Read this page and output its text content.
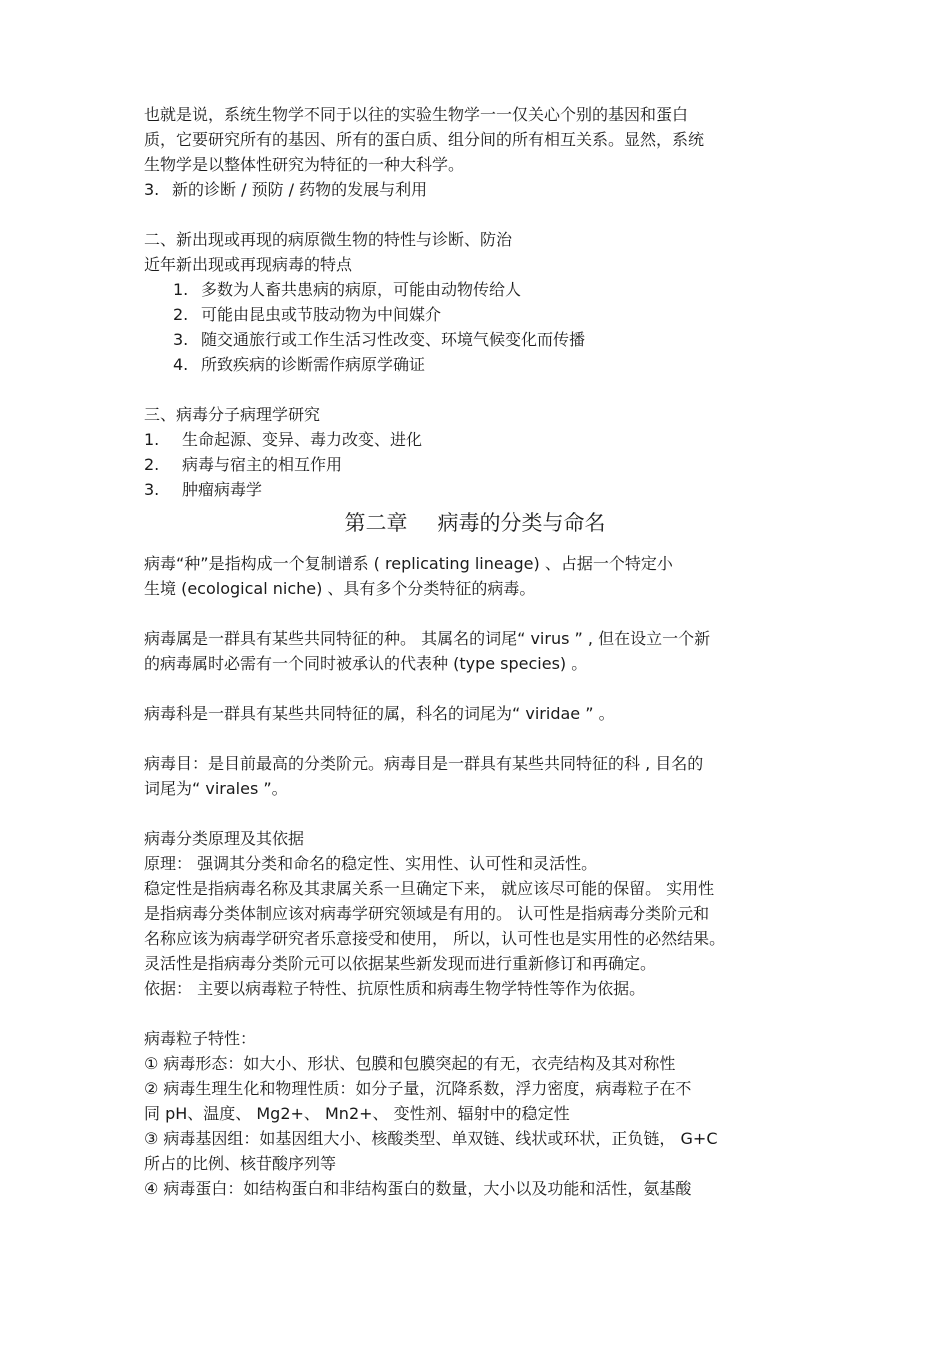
也就是说，系统生物学不同于以往的实验生物学一一仅关心个别的基因和蛋白

质，它要研究所有的基因、所有的蛋白质、组分间的所有相互关系。显然，系统

生物学是以整体性研究为特征的一种大科学。

3. 新的诊断 / 预防 / 药物的发展与利用

二、新出现或再现的病原微生物的特性与诊断、防治

近年新出现或再现病毒的特点

1. 多数为人畜共患病的病原，可能由动物传给人

2. 可能由昆虫或节肢动物为中间媒介

3. 随交通旅行或工作生活习性改变、环境气候变化而传播

4. 所致疾病的诊断需作病原学确证

三、病毒分子病理学研究

1. 生命起源、变异、毒力改变、进化

2. 病毒与宿主的相互作用

3. 肿瘤病毒学

第二章 病毒的分类与命名

病毒“种”是指构成一个复制谱系 ( replicating lineage) 、占据一个特定小

生境 (ecological niche) 、具有多个分类特征的病毒。

病毒属是一群具有某些共同特征的种。 其属名的词尾“ virus ” , 但在设立一个新

的病毒属时必需有一个同时被承认的代表种 (type species) 。

病毒科是一群具有某些共同特征的属，科名的词尾为“ viridae ” 。

病毒目：是目前最高的分类阶元。病毒目是一群具有某些共同特征的科 , 目名的

词尾为“ virales ”。

病毒分类原理及其依据

原理： 强调其分类和命名的稳定性、实用性、认可性和灵活性。

稳定性是指病毒名称及其隶属关系一旦确定下来， 就应该尽可能的保留。 实用性

是指病毒分类体制应该对病毒学研究领域是有用的。 认可性是指病毒分类阶元和

名称应该为病毒学研究者乐意接受和使用， 所以，认可性也是实用性的必然结果。

灵活性是指病毒分类阶元可以依据某些新发现而进行重新修订和再确定。

依据： 主要以病毒粒子特性、抗原性质和病毒生物学特性等作为依据。

病毒粒子特性：

① 病毒形态：如大小、形状、包膜和包膜突起的有无，衣壳结构及其对称性

② 病毒生理生化和物理性质：如分子量，沉降系数，浮力密度，病毒粒子在不

同 pH、温度、 Mg2+、 Mn2+、 变性剂、辐射中的稳定性

③ 病毒基因组：如基因组大小、核酸类型、单双链、线状或环状，正负链， G+C

所占的比例、核苷酸序列等

④ 病毒蛋白：如结构蛋白和非结构蛋白的数量，大小以及功能和活性，氨基酸
